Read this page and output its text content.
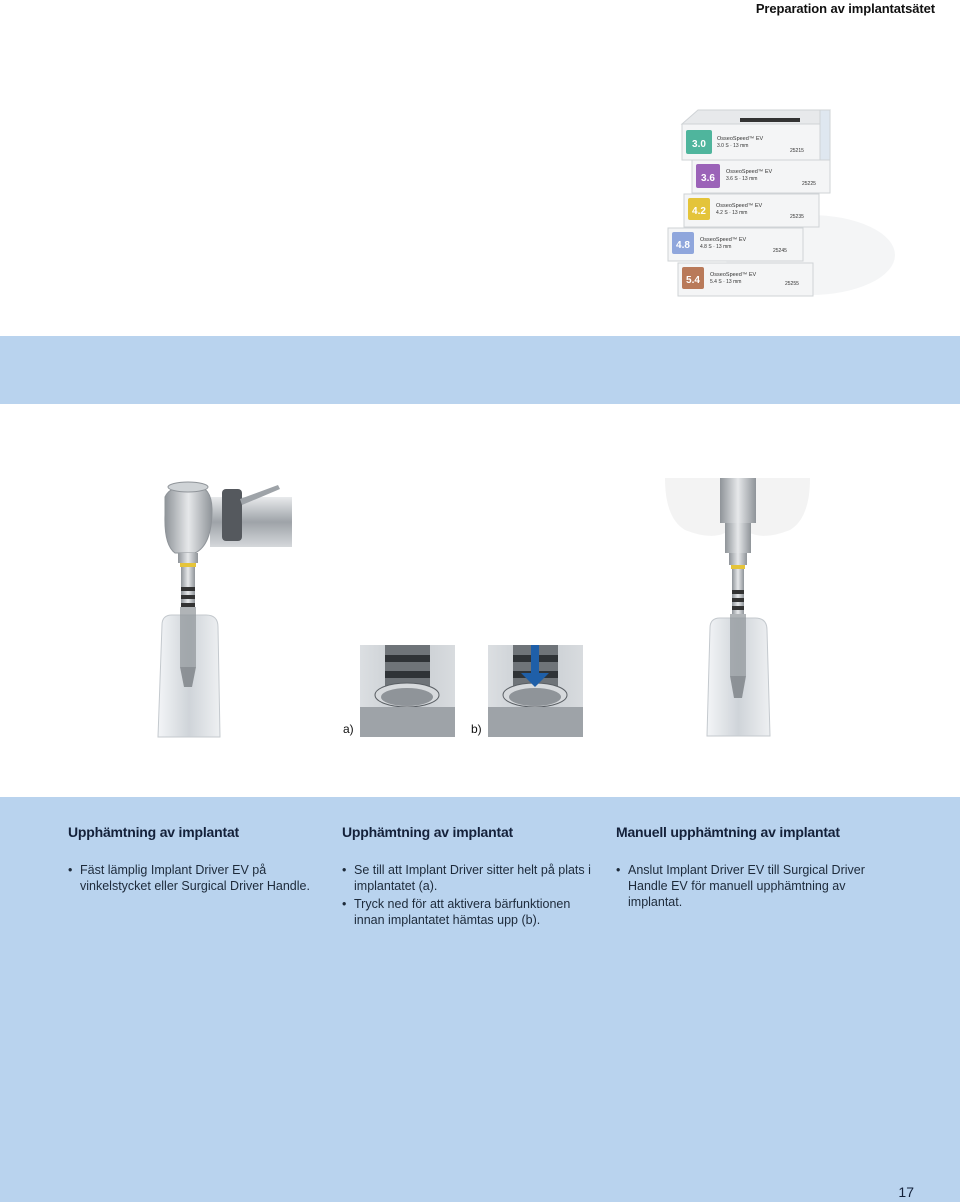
Preparation av implantatsätet
5.4 OsseoSpeed™ EV
5.4 S · 13 mm	25255
4.8 OsseoSpeed™ EV
4.8 S · 13 mm
25245
4.2 OsseoSpeed™ EV
4.2 S · 13 mm
25235
3.6
OsseoSpeed™ EV
3.6 S · 13 mm
25225
3.0 OsseoSpeed™ EV
3.0 S · 13 mm
25215
a)	b)
Upphämtning av implantat
• Fäst lämplig Implant Driver EV på vinkelstycket eller Surgical Driver Handle.
Upphämtning av implantat
• Se till att Implant Driver sitter helt på plats i implantatet (a).
• Tryck ned för att aktivera bärfunktionen innan implantatet hämtas upp (b).
Manuell upphämtning av implantat
• Anslut Implant Driver EV till Surgical Driver Handle EV för manuell upphämtning av implantat.
17
